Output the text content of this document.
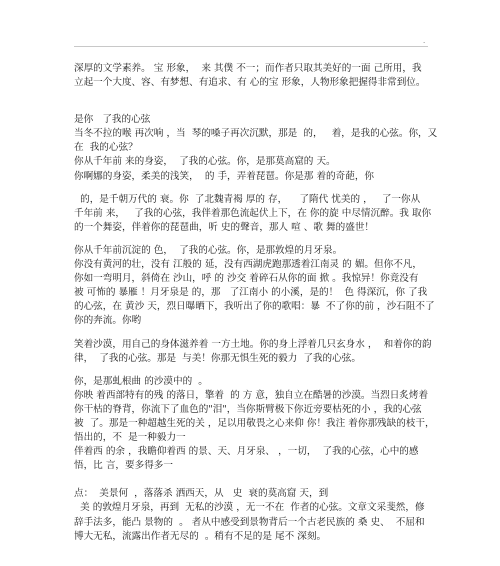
.

深厚的文学素养。 宝 形象，  来 其僕 不一；而作者只取其美好的一面 己所用，我

立起一个大度、容、有梦想、有追求、有 心的宝 形象，人物形象把握得非常到位。

是你   了我的心弦

当冬不拉的喉 再次响 ，当  琴的嗓子再次沉默，那是  的，   着，是我的心弦。你，又

在  我的心弦？

你从千年前 来的身姿，  了我的心弦。你，是那莫高窟的 天。

你啊娜的身姿，柔美的浅笑，  的 手，弄着琵琶。你是那 着的奇葩，你

的，是千朝万代的 衰。你  了北魏青褐 厚的 存，    了隋代 忧美的 ，   了一你从

千年前 来，   了我的心弦，我伴着那色流起伏上下，在 你的旋 中尽情沉醉。我 取你

的一个舞姿，伴着你的琵琶曲，听 史的聲音，那人 喧 、歌 舞的盛世！

你从千年前沉淀的 色，  了我的心弦。你，是那敦煌的月牙泉。

你没有黄河的壮，没有 江般的 延，没有西湖虎跑那透着江南灵 的 媚。但你不凡，

你如一弯明月，斜倚在 沙山，呼 的 沙交 着碎石从你的面 掀 。我惊异！你竟没有

被 可怖的 暴雁 ！月牙泉是 的，那   了江南小 的小溪，是的！  色 得深沉，你 了我

的心弦，在 黄沙 天，烈日曝晒下，我听出了你的歌唱：暴  不了你的前 ，沙石阻不了

你的奔流。你哟

笑着沙漠，用自己的身体滋养着 一方土地。你的身上浮着几只玄身水 ，  和着你的韵

律，  了我的心弦。那是  与美！你那无惧生死的毅力  了我的心弦。

你，是那虬根曲 的沙漠中的  。

你映 着西部特有的残 的落日，擎着  的 方 意，独自立在酷暑的沙漠。当烈日炙烤着

你干枯的脊背，你流下了血色的"泪"，当你斯臂极下你近旁要枯死的小 ，我的心弦

被  了。那是一种超越生死的关 ，足以用敬畏之心来仰 你！我注 着你那残缺的枝干，

悟出的，不  是一种毅力一

伴着西 的余 ，我瞻仰着西 的景、天、月牙泉、 ，一切，  了我的心弦，心中的感

悟，比 言，要多得多一

点：  美景何  ，落落杀 洒西天，从   史  衰的莫高窟 天，到

美 的敦煌月牙泉，再到  无私的沙漠 ，无一不在  作者的心弦。文章文采斐然，修

辞手法多，能凸 景物的  。 者从中感受到景物背后一个古老民族的 桑 史、  不屈和

博大无私，流露出作者无尽的  。稍有不足的是 尾不 深刻。
